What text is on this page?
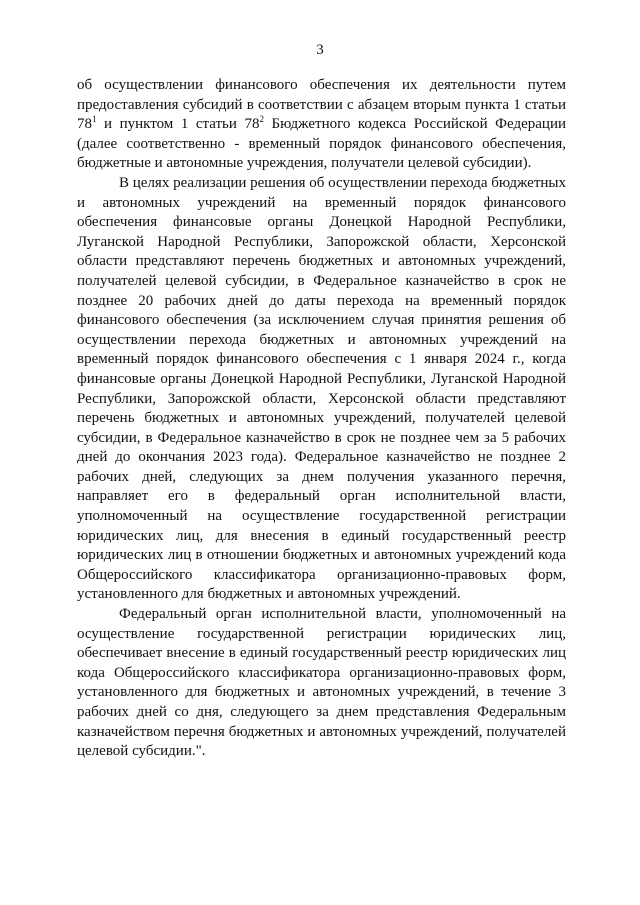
3

об осуществлении финансового обеспечения их деятельности путем предоставления субсидий в соответствии с абзацем вторым пункта 1 статьи $78^1$ и пунктом 1 статьи $78^2$ Бюджетного кодекса Российской Федерации (далее соответственно - временный порядок финансового обеспечения, бюджетные и автономные учреждения, получатели целевой субсидии).

В целях реализации решения об осуществлении перехода бюджетных и автономных учреждений на временный порядок финансового обеспечения финансовые органы Донецкой Народной Республики, Луганской Народной Республики, Запорожской области, Херсонской области представляют перечень бюджетных и автономных учреждений, получателей целевой субсидии, в Федеральное казначейство в срок не позднее 20 рабочих дней до даты перехода на временный порядок финансового обеспечения (за исключением случая принятия решения об осуществлении перехода бюджетных и автономных учреждений на временный порядок финансового обеспечения с 1 января 2024 г., когда финансовые органы Донецкой Народной Республики, Луганской Народной Республики, Запорожской области, Херсонской области представляют перечень бюджетных и автономных учреждений, получателей целевой субсидии, в Федеральное казначейство в срок не позднее чем за 5 рабочих дней до окончания 2023 года). Федеральное казначейство не позднее 2 рабочих дней, следующих за днем получения указанного перечня, направляет его в федеральный орган исполнительной власти, уполномоченный на осуществление государственной регистрации юридических лиц, для внесения в единый государственный реестр юридических лиц в отношении бюджетных и автономных учреждений кода Общероссийского классификатора организационно-правовых форм, установленного для бюджетных и автономных учреждений.

Федеральный орган исполнительной власти, уполномоченный на осуществление государственной регистрации юридических лиц, обеспечивает внесение в единый государственный реестр юридических лиц кода Общероссийского классификатора организационно-правовых форм, установленного для бюджетных и автономных учреждений, в течение 3 рабочих дней со дня, следующего за днем представления Федеральным казначейством перечня бюджетных и автономных учреждений, получателей целевой субсидии.".
